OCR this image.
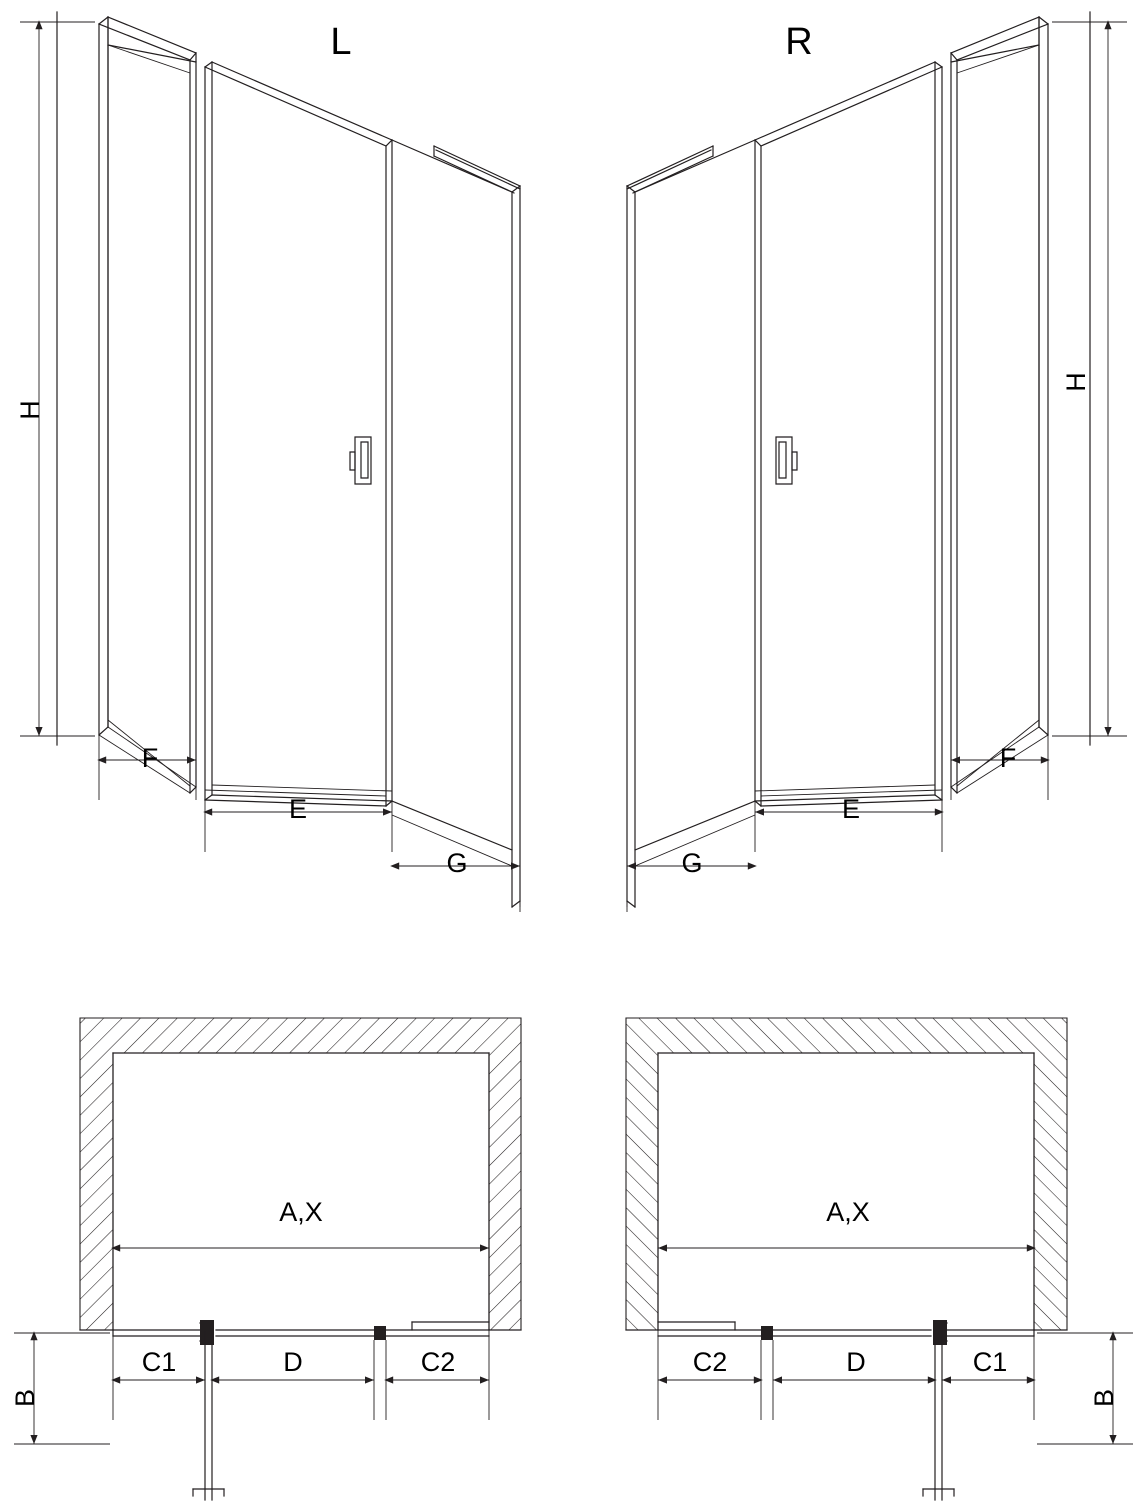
L	R
H
H
F
E
G
F
E
G
A,X
C1	D	C2
B
A,X
C2	D	C1
B
